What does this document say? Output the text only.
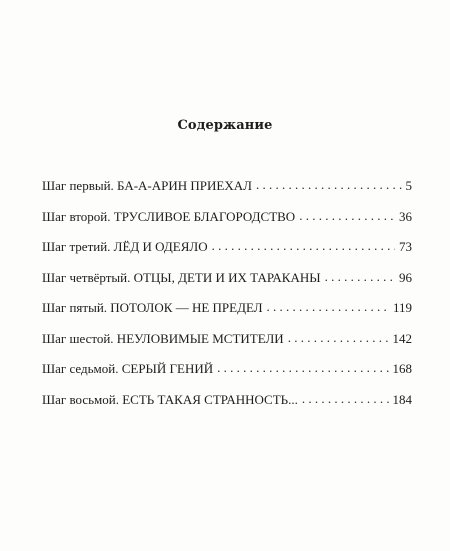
Содержание
Шаг первый. БА-А-АРИН ПРИЕХАЛ . . .	5
Шаг второй. ТРУСЛИВОЕ БЛАГОРОДСТВО . . .	36
Шаг третий. ЛЁД И ОДЕЯЛО . . .	73
Шаг четвёртый. ОТЦЫ, ДЕТИ И ИХ ТАРАКАНЫ . . .	96
Шаг пятый. ПОТОЛОК — НЕ ПРЕДЕЛ . . .	119
Шаг шестой. НЕУЛОВИМЫЕ МСТИТЕЛИ . . .	142
Шаг седьмой. СЕРЫЙ ГЕНИЙ . . .	168
Шаг восьмой. ЕСТЬ ТАКАЯ СТРАННОСТЬ... . . .	184
